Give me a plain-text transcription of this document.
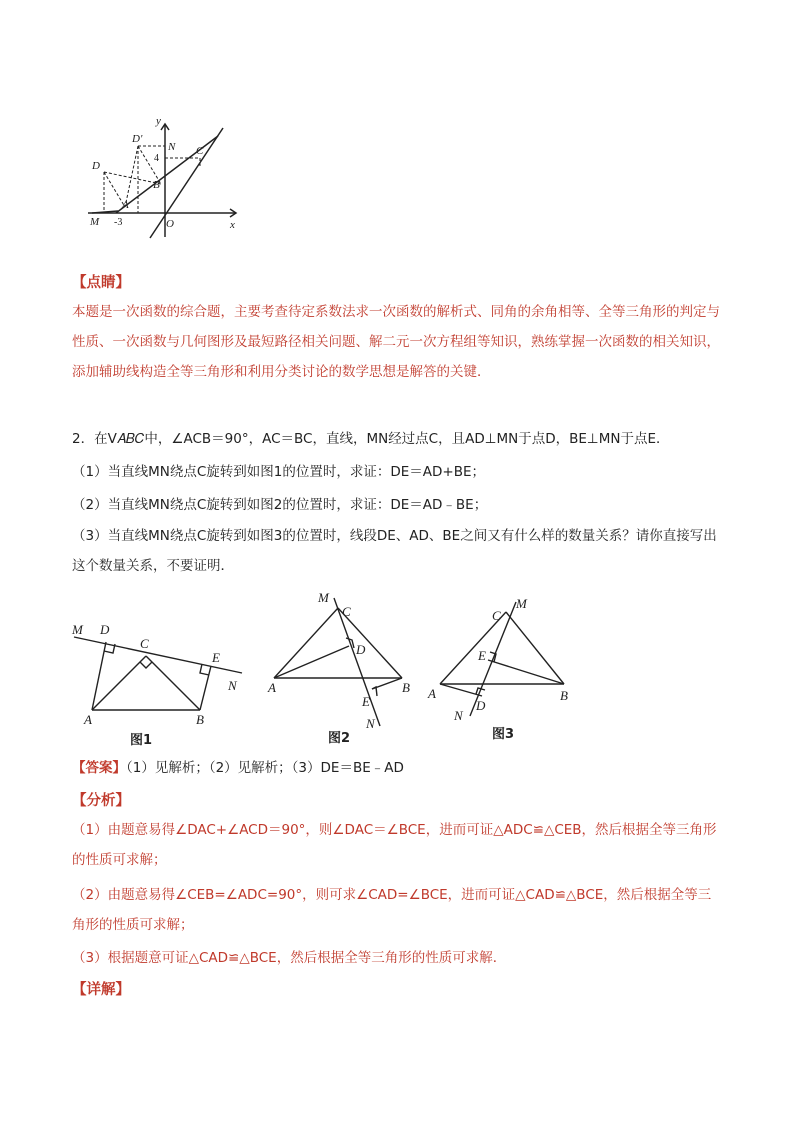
y
x
D'
N C
D
B
A
M	O
4
-3
【点睛】
本题是一次函数的综合题，主要考查待定系数法求一次函数的解析式、同角的余角相等、全等三角形的判定与性质、一次函数与几何图形及最短路径相关问题、解二元一次方程组等知识，熟练掌握一次函数的相关知识，添加辅助线构造全等三角形和利用分类讨论的数学思想是解答的关键．
2．在V𝐴𝐵𝐶中，∠ACB＝90°，AC＝BC，直线，MN经过点C，且AD⊥MN于点D，BE⊥MN于点E．
（1）当直线MN绕点C旋转到如图1的位置时，求证：DE＝AD+BE；
（2）当直线MN绕点C旋转到如图2的位置时，求证：DE＝AD﹣BE；
（3）当直线MN绕点C旋转到如图3的位置时，线段DE、AD、BE之间又有什么样的数量关系？请你直接写出这个数量关系，不要证明．
M D
C
E
N
A	B
图1
M
C
D
A	B
E
N
图2
C
M
E
A	B
N
D
图3
【答案】（1）见解析；（2）见解析；（3）DE＝BE﹣AD
【分析】
（1）由题意易得∠DAC+∠ACD＝90°，则∠DAC＝∠BCE，进而可证△ADC≌△CEB，然后根据全等三角形的性质可求解；
（2）由题意易得∠CEB=∠ADC=90°，则可求∠CAD=∠BCE，进而可证△CAD≌△BCE，然后根据全等三角形的性质可求解；
（3）根据题意可证△CAD≌△BCE，然后根据全等三角形的性质可求解．
【详解】
